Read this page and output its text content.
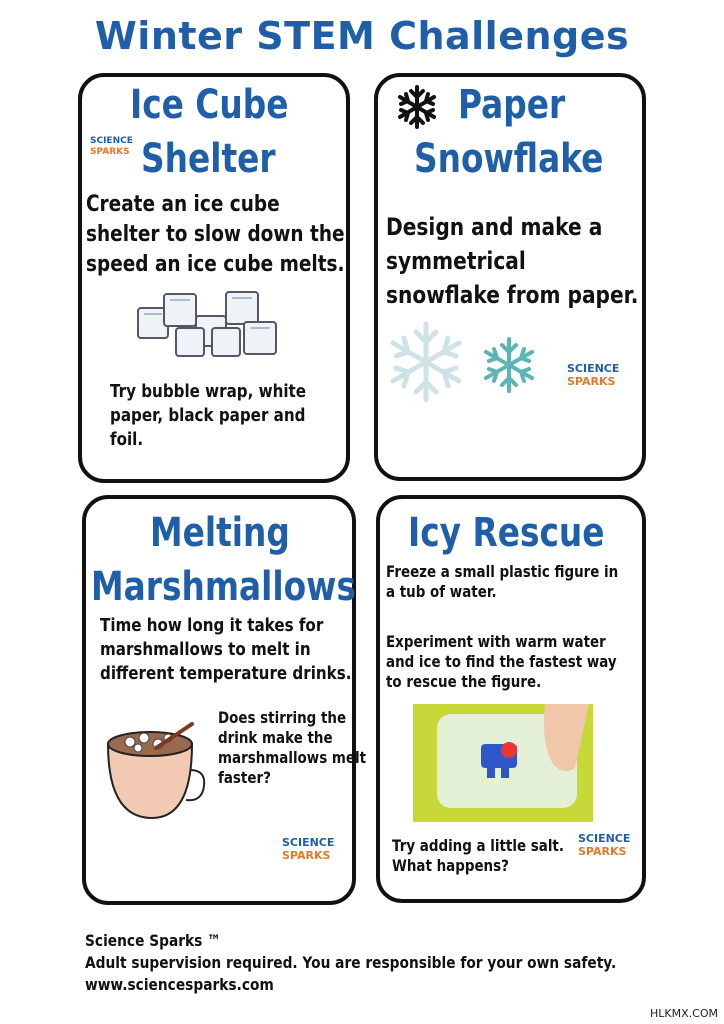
Winter STEM Challenges
Ice Cube
Shelter
SCIENCE
SPARKS
Create an ice cube
shelter to slow down the
speed an ice cube melts.
Try bubble wrap, white
paper, black paper and
foil.
Paper
Snowflake
Design and make a
symmetrical
snowflake from paper.
SCIENCE
SPARKS
Melting
Marshmallows
Time how long it takes for
marshmallows to melt in
different temperature drinks.
Does stirring the
drink make the
marshmallows melt
faster?
SCIENCE
SPARKS
Icy Rescue
Freeze a small plastic figure in
a tub of water.
Experiment with warm water
and ice to find the fastest way
to rescue the figure.
Try adding a little salt.
What happens?
SCIENCE
SPARKS
Science Sparks ™
Adult supervision required. You are responsible for your own safety.
www.sciencesparks.com
HLKMX.COM
